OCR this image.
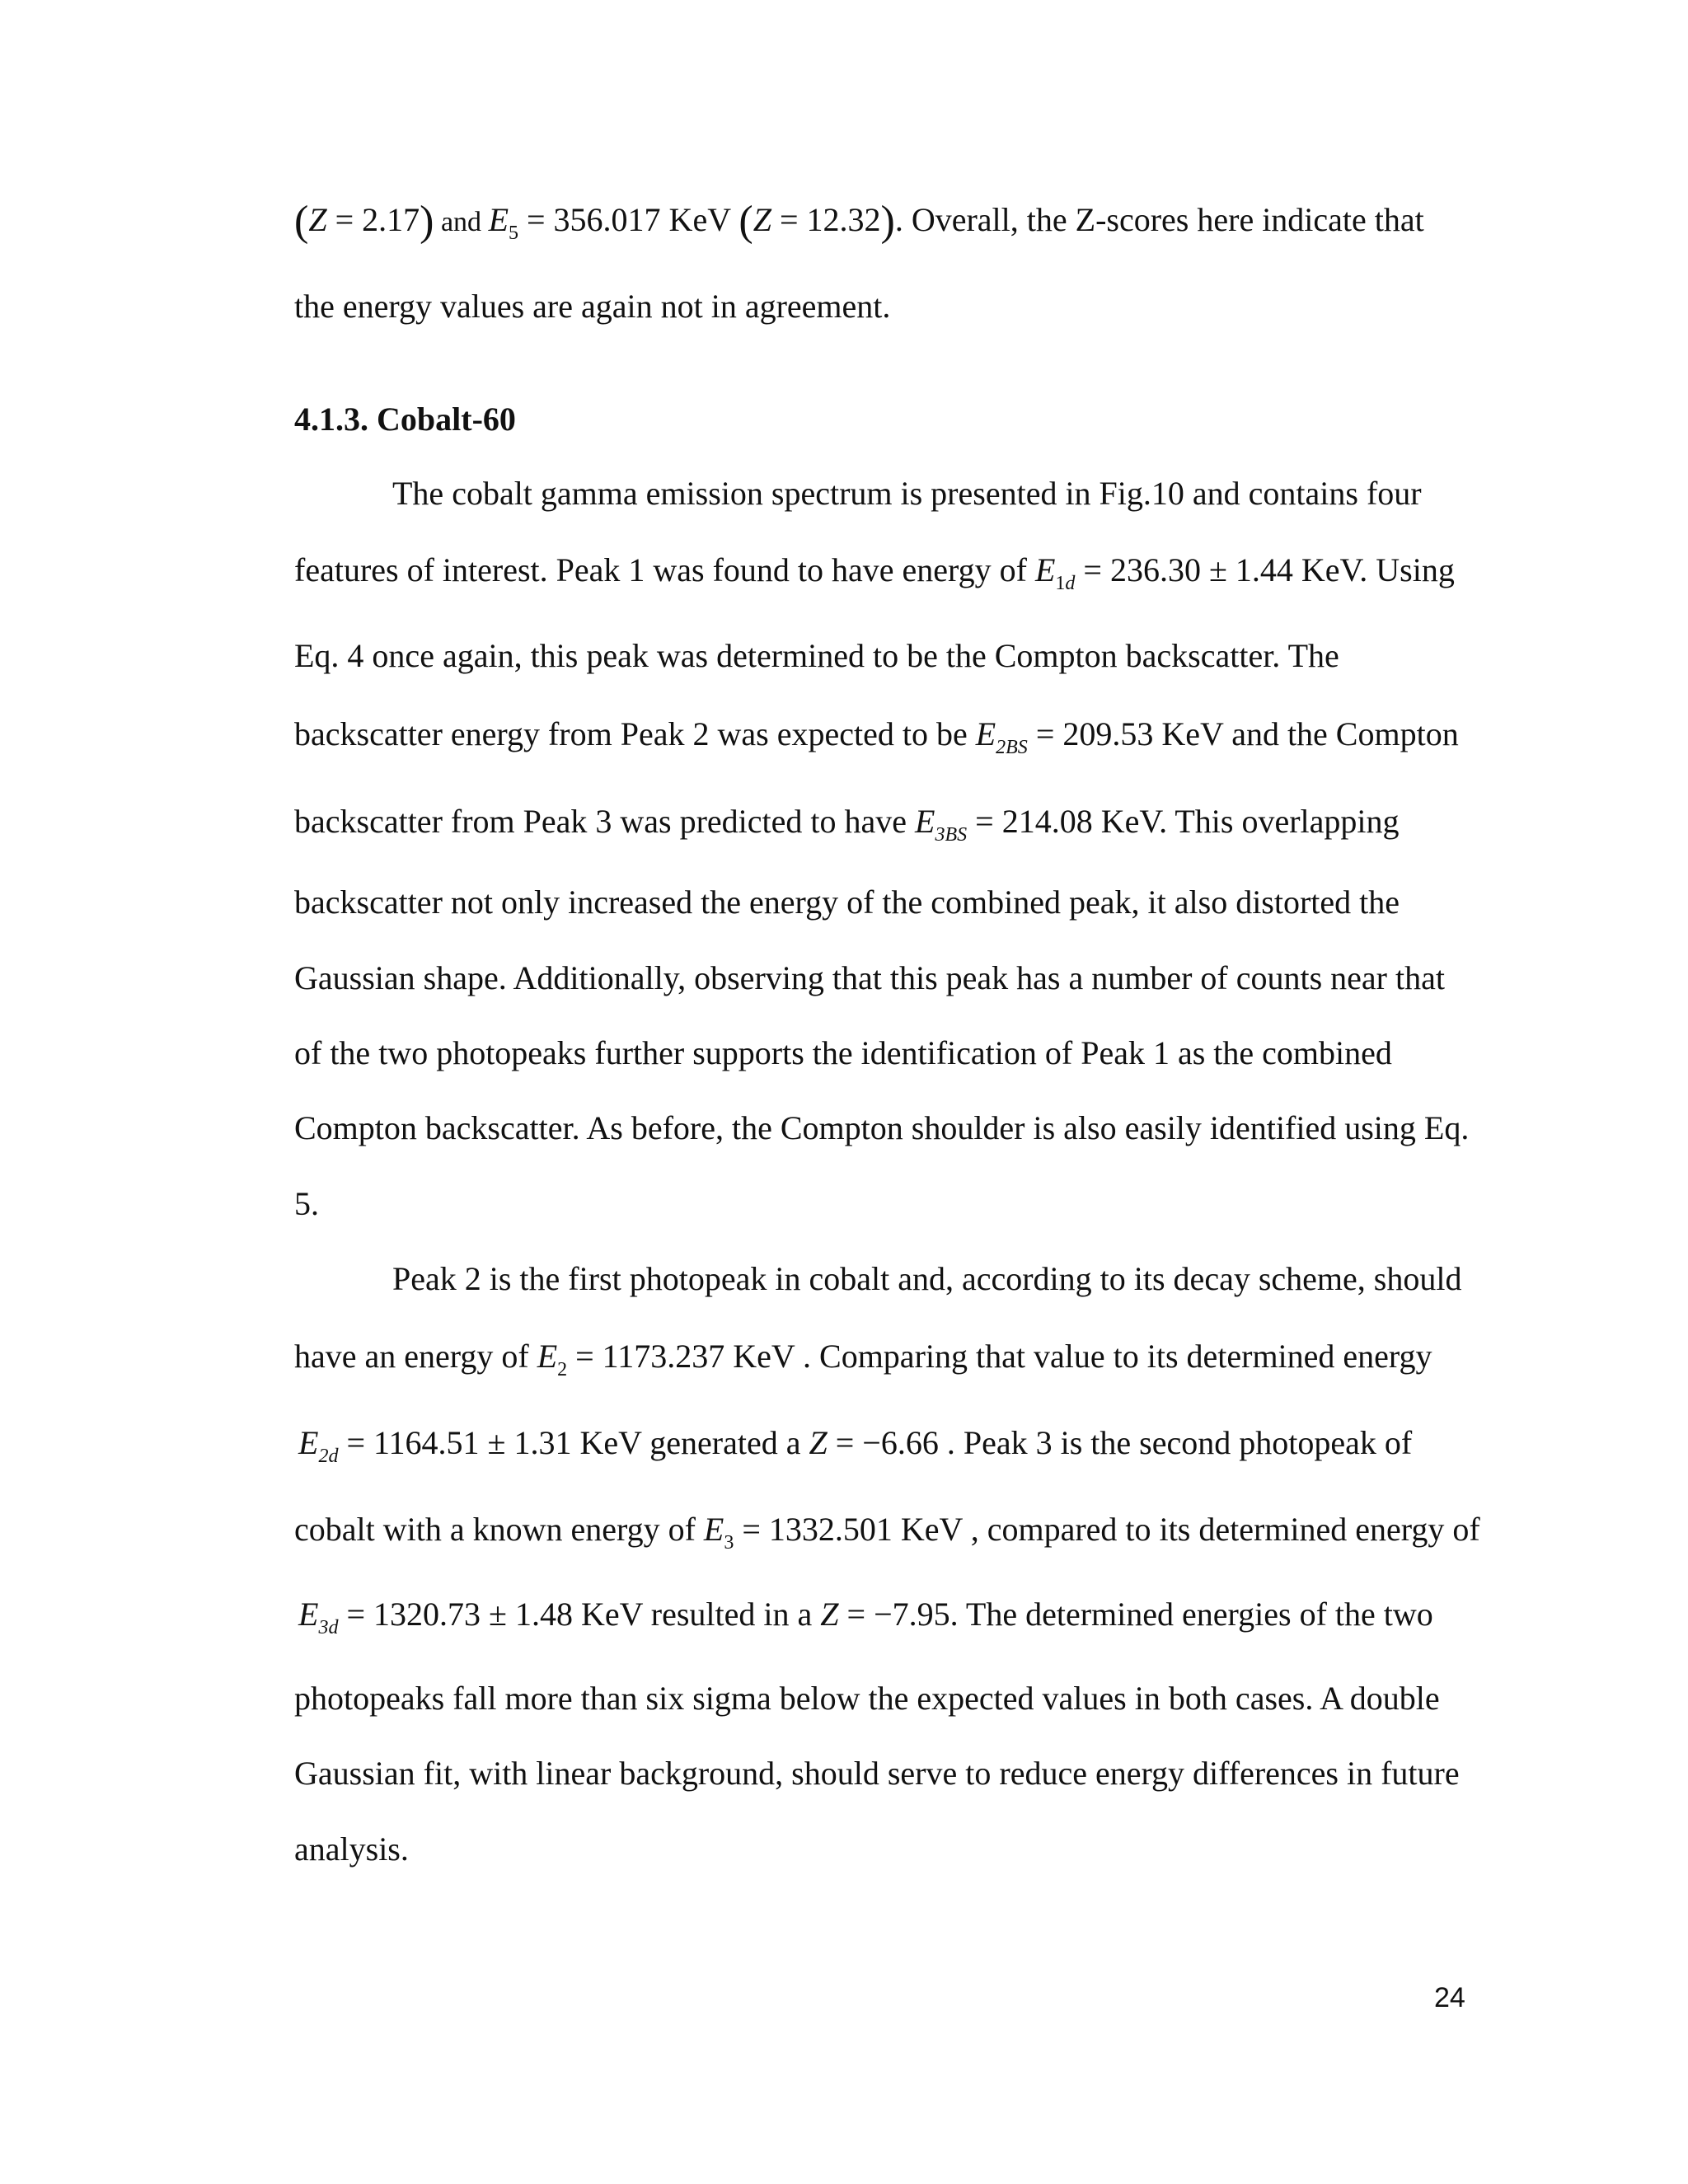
(Z = 2.17) and $E_5 = 356.017$ KeV (Z = 12.32). Overall, the Z-scores here indicate that
the energy values are again not in agreement.
4.1.3. Cobalt-60
The cobalt gamma emission spectrum is presented in Fig.10 and contains four
features of interest. Peak 1 was found to have energy of $E_{1d} = 236.30 \pm 1.44$ KeV. Using
Eq. 4 once again, this peak was determined to be the Compton backscatter. The
backscatter energy from Peak 2 was expected to be $E_{2BS} = 209.53$ KeV and the Compton
backscatter from Peak 3 was predicted to have $E_{3BS} = 214.08$ KeV. This overlapping
backscatter not only increased the energy of the combined peak, it also distorted the
Gaussian shape. Additionally, observing that this peak has a number of counts near that
of the two photopeaks further supports the identification of Peak 1 as the combined
Compton backscatter. As before, the Compton shoulder is also easily identified using Eq.
5.
Peak 2 is the first photopeak in cobalt and, according to its decay scheme, should
have an energy of $E_2 = 1173.237$ KeV . Comparing that value to its determined energy
$E_{2d} = 1164.51 \pm 1.31$ KeV generated a Z = −6.66 . Peak 3 is the second photopeak of
cobalt with a known energy of $E_3 = 1332.501$ KeV , compared to its determined energy of
$E_{3d} = 1320.73 \pm 1.48$ KeV resulted in a Z = −7.95. The determined energies of the two
photopeaks fall more than six sigma below the expected values in both cases. A double
Gaussian fit, with linear background, should serve to reduce energy differences in future
analysis.
24
